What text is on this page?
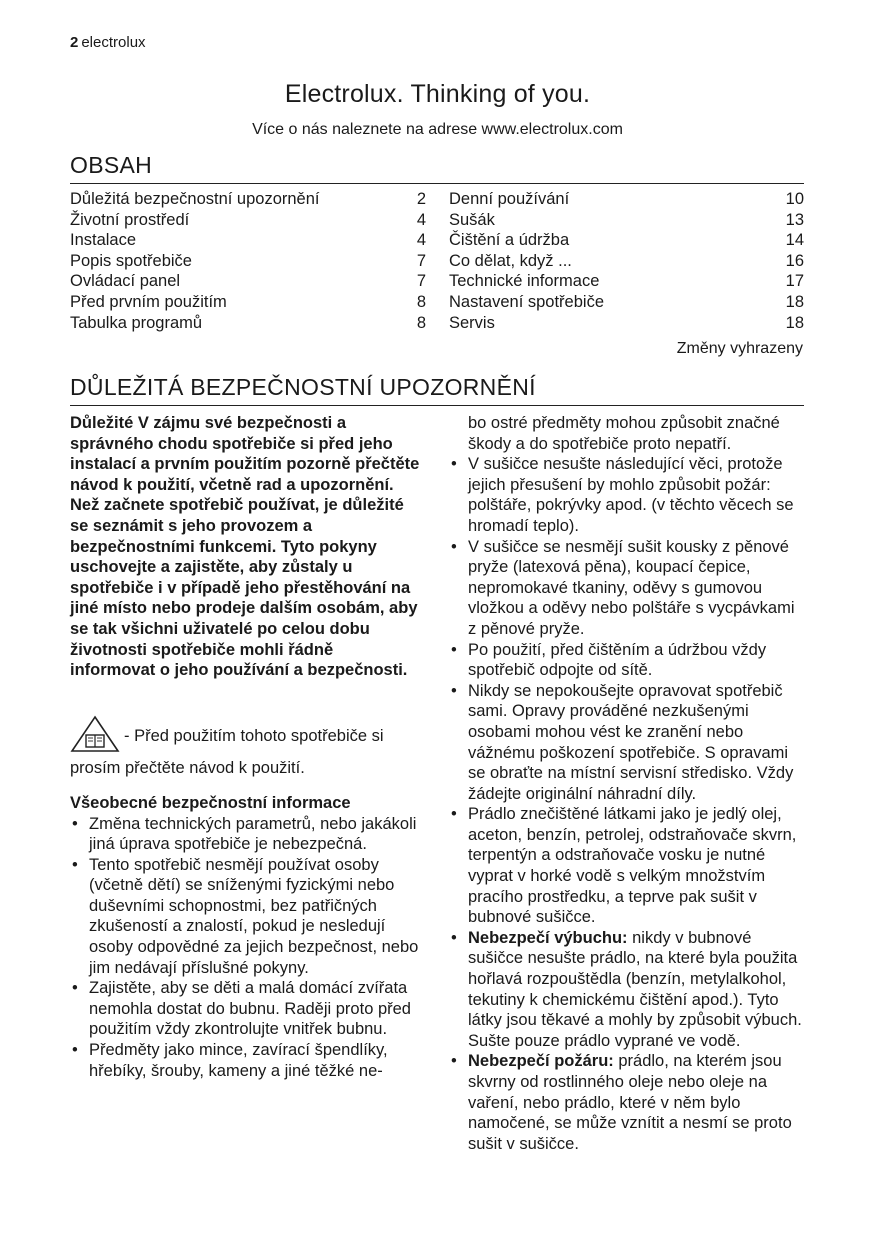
2 electrolux
Electrolux. Thinking of you.
Více o nás naleznete na adrese www.electrolux.com
OBSAH
Důležitá bezpečnostní upozornění	2
Životní prostředí	4
Instalace	4
Popis spotřebiče	7
Ovládací panel	7
Před prvním použitím	8
Tabulka programů	8
Denní používání	10
Sušák	13
Čištění a údržba	14
Co dělat, když ...	16
Technické informace	17
Nastavení spotřebiče	18
Servis	18
Změny vyhrazeny
DŮLEŽITÁ BEZPEČNOSTNÍ UPOZORNĚNÍ

Důležité V zájmu své bezpečnosti a správného chodu spotřebiče si před jeho instalací a prvním použitím pozorně přečtěte návod k použití, včetně rad a upozornění. Než začnete spotřebič používat, je důležité se seznámit s jeho provozem a bezpečnostními funkcemi. Tyto pokyny uschovejte a zajistěte, aby zůstaly u spotřebiče i v případě jeho přestěhování na jiné místo nebo prodeje dalším osobám, aby se tak všichni uživatelé po celou dobu životnosti spotřebiče mohli řádně informovat o jeho používání a bezpečnosti.

- Před použitím tohoto spotřebiče si prosím přečtěte návod k použití.
Všeobecné bezpečnostní informace
• Změna technických parametrů, nebo jakákoli jiná úprava spotřebiče je nebezpečná.
• Tento spotřebič nesmějí používat osoby (včetně dětí) se sníženými fyzickými nebo duševními schopnostmi, bez patřičných zkušeností a znalostí, pokud je nesledují osoby odpovědné za jejich bezpečnost, nebo jim nedávají příslušné pokyny.
• Zajistěte, aby se děti a malá domácí zvířata nemohla dostat do bubnu. Raději proto před použitím vždy zkontrolujte vnitřek bubnu.
• Předměty jako mince, zavírací špendlíky, hřebíky, šrouby, kameny a jiné těžké ne-
bo ostré předměty mohou způsobit značné škody a do spotřebiče proto nepatří.
• V sušičce nesušte následující věci, protože jejich přesušení by mohlo způsobit požár: polštáře, pokrývky apod. (v těchto věcech se hromadí teplo).
• V sušičce se nesmějí sušit kousky z pěnové pryže (latexová pěna), koupací čepice, nepromokavé tkaniny, oděvy s gumovou vložkou a oděvy nebo polštáře s vycpávkami z pěnové pryže.
• Po použití, před čištěním a údržbou vždy spotřebič odpojte od sítě.
• Nikdy se nepokoušejte opravovat spotřebič sami. Opravy prováděné nezkušenými osobami mohou vést ke zranění nebo vážnému poškození spotřebiče. S opravami se obraťte na místní servisní středisko. Vždy žádejte originální náhradní díly.
• Prádlo znečištěné látkami jako je jedlý olej, aceton, benzín, petrolej, odstraňovače skvrn, terpentýn a odstraňovače vosku je nutné vyprat v horké vodě s velkým množstvím pracího prostředku, a teprve pak sušit v bubnové sušičce.
• Nebezpečí výbuchu: nikdy v bubnové sušičce nesušte prádlo, na které byla použita hořlavá rozpouštědla (benzín, metylalkohol, tekutiny k chemickému čištění apod.). Tyto látky jsou těkavé a mohly by způsobit výbuch. Sušte pouze prádlo vyprané ve vodě.
• Nebezpečí požáru: prádlo, na kterém jsou skvrny od rostlinného oleje nebo oleje na vaření, nebo prádlo, které v něm bylo namočené, se může vznítit a nesmí se proto sušit v sušičce.
